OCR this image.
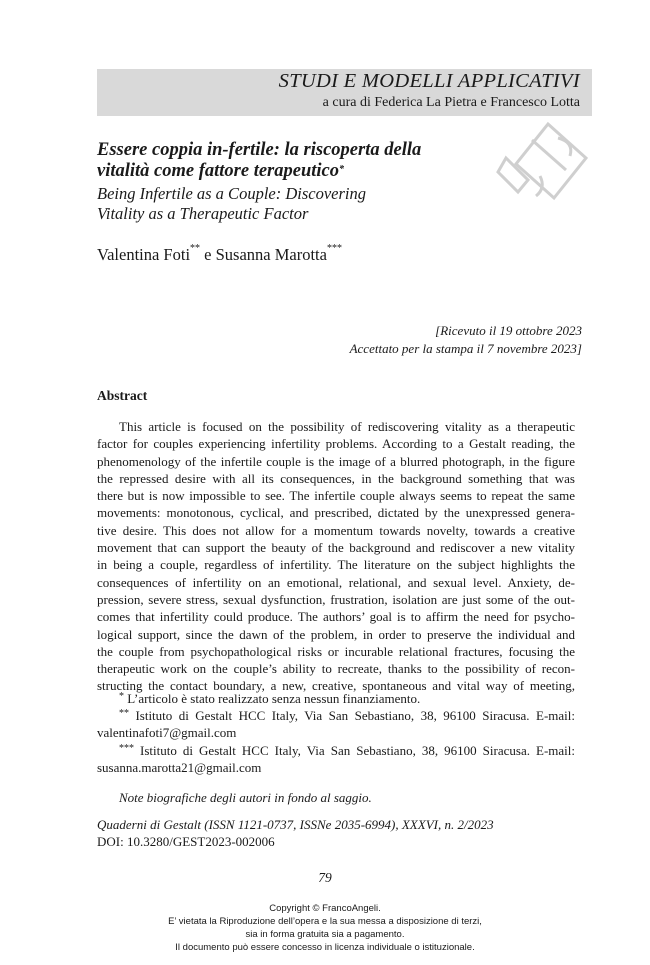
STUDI E MODELLI APPLICATIVI
a cura di Federica La Pietra e Francesco Lotta
Essere coppia in-fertile: la riscoperta della
vitalità come fattore terapeutico*
Being Infertile as a Couple: Discovering
Vitality as a Therapeutic Factor
Valentina Foti** e Susanna Marotta***
[Ricevuto il 19 ottobre 2023
Accettato per la stampa il 7 novembre 2023]
Abstract
This article is focused on the possibility of rediscovering vitality as a therapeutic
factor for couples experiencing infertility problems. According to a Gestalt reading, the
phenomenology of the infertile couple is the image of a blurred photograph, in the figure
the repressed desire with all its consequences, in the background something that was
there but is now impossible to see. The infertile couple always seems to repeat the same
movements: monotonous, cyclical, and prescribed, dictated by the unexpressed genera-
tive desire. This does not allow for a momentum towards novelty, towards a creative
movement that can support the beauty of the background and rediscover a new vitality
in being a couple, regardless of infertility. The literature on the subject highlights the
consequences of infertility on an emotional, relational, and sexual level. Anxiety, de-
pression, severe stress, sexual dysfunction, frustration, isolation are just some of the out-
comes that infertility could produce. The authors’ goal is to affirm the need for psycho-
logical support, since the dawn of the problem, in order to preserve the individual and
the couple from psychopathological risks or incurable relational fractures, focusing the
therapeutic work on the couple’s ability to recreate, thanks to the possibility of recon-
structing the contact boundary, a new, creative, spontaneous and vital way of meeting,
* L’articolo è stato realizzato senza nessun finanziamento.
** Istituto di Gestalt HCC Italy, Via San Sebastiano, 38, 96100 Siracusa. E-mail:
valentinafoti7@gmail.com
*** Istituto di Gestalt HCC Italy, Via San Sebastiano, 38, 96100 Siracusa. E-mail:
susanna.marotta21@gmail.com
Note biografiche degli autori in fondo al saggio.
Quaderni di Gestalt (ISSN 1121-0737, ISSNe 2035-6994), XXXVI, n. 2/2023
DOI: 10.3280/GEST2023-002006
79
Copyright © FrancoAngeli.
E’ vietata la Riproduzione dell’opera e la sua messa a disposizione di terzi,
sia in forma gratuita sia a pagamento.
Il documento può essere concesso in licenza individuale o istituzionale.
